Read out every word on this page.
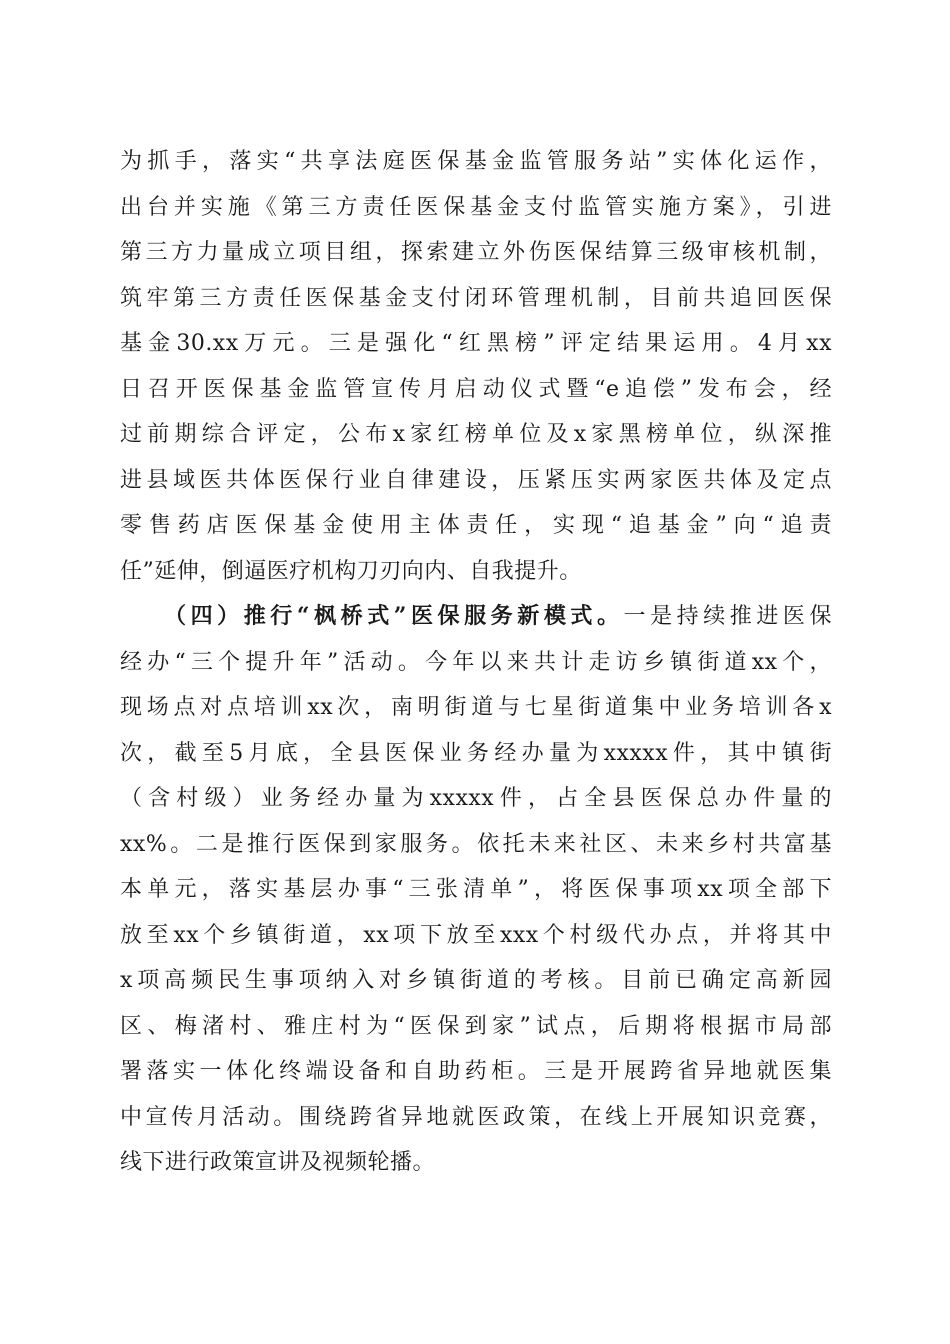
为抓手，落实“共享法庭医保基金监管服务站”实体化运作，
出台并实施《第三方责任医保基金支付监管实施方案》，引进
第三方力量成立项目组，探索建立外伤医保结算三级审核机制，
筑牢第三方责任医保基金支付闭环管理机制，目前共追回医保
基金30.xx万元。三是强化“红黑榜”评定结果运用。4月xx
日召开医保基金监管宣传月启动仪式暨“e追偿”发布会，经
过前期综合评定，公布x家红榜单位及x家黑榜单位，纵深推
进县域医共体医保行业自律建设，压紧压实两家医共体及定点
零售药店医保基金使用主体责任，实现“追基金”向“追责
任”延伸，倒逼医疗机构刀刃向内、自我提升。
（四）推行“枫桥式”医保服务新模式。一是持续推进医保
经办“三个提升年”活动。今年以来共计走访乡镇街道xx个，
现场点对点培训xx次，南明街道与七星街道集中业务培训各x
次，截至5月底，全县医保业务经办量为xxxxx件，其中镇街
（含村级）业务经办量为xxxxx件，占全县医保总办件量的
xx%。二是推行医保到家服务。依托未来社区、未来乡村共富基
本单元，落实基层办事“三张清单”，将医保事项xx项全部下
放至xx个乡镇街道，xx项下放至xxx个村级代办点，并将其中
x项高频民生事项纳入对乡镇街道的考核。目前已确定高新园
区、梅渚村、雅庄村为“医保到家”试点，后期将根据市局部
署落实一体化终端设备和自助药柜。三是开展跨省异地就医集
中宣传月活动。围绕跨省异地就医政策，在线上开展知识竞赛，
线下进行政策宣讲及视频轮播。
